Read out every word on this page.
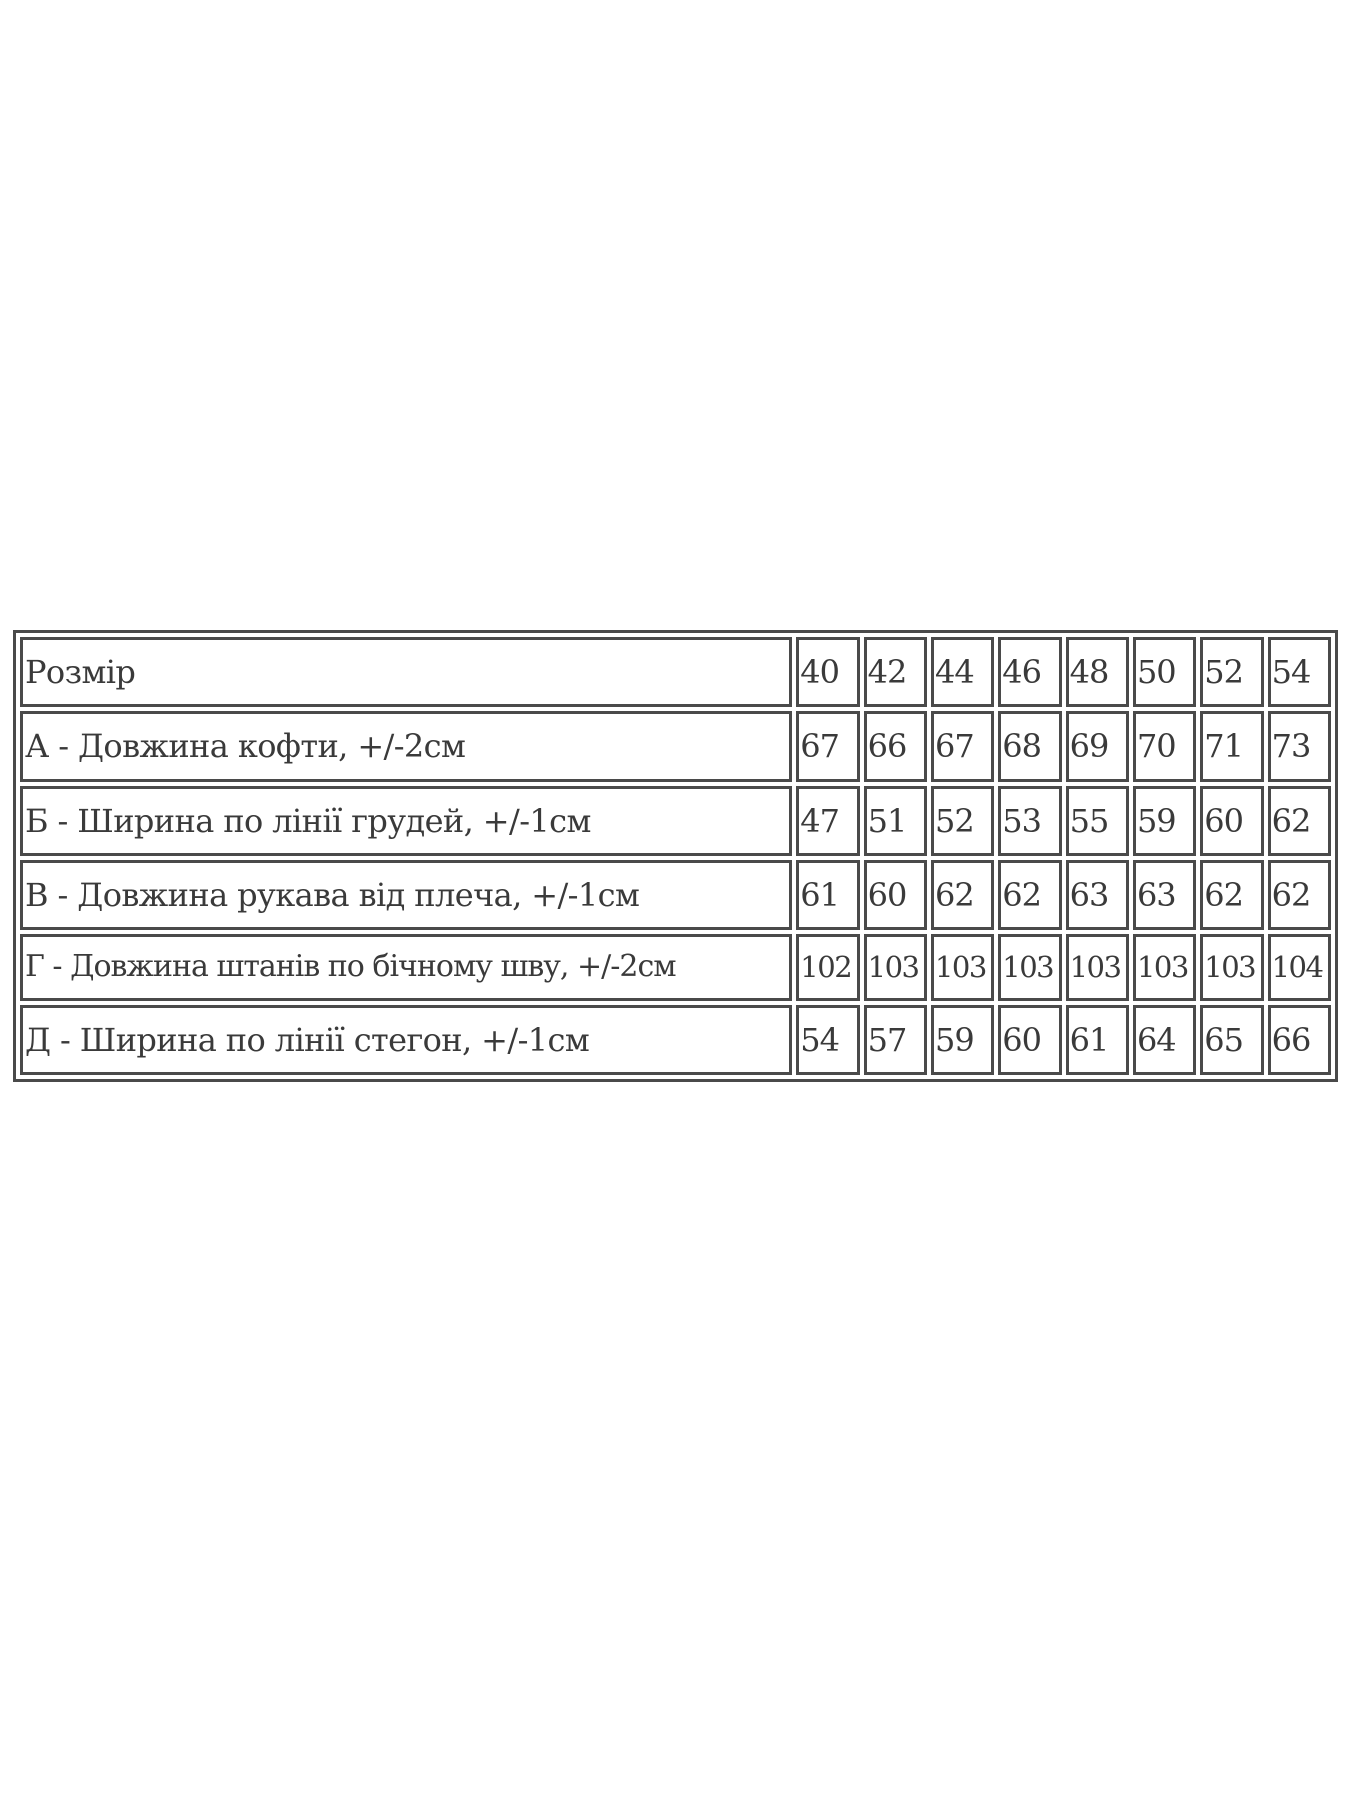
Розмір	40	42	44	46	48	50	52	54
А - Довжина кофти, +/-2см	67	66	67	68	69	70	71	73
Б - Ширина по лінії грудей, +/-1см	47	51	52	53	55	59	60	62
В - Довжина рукава від плеча, +/-1см	61	60	62	62	63	63	62	62
Г - Довжина штанів по бічному шву, +/-2см	102	103	103	103	103	103	103	104
Д - Ширина по лінії стегон, +/-1см	54	57	59	60	61	64	65	66
